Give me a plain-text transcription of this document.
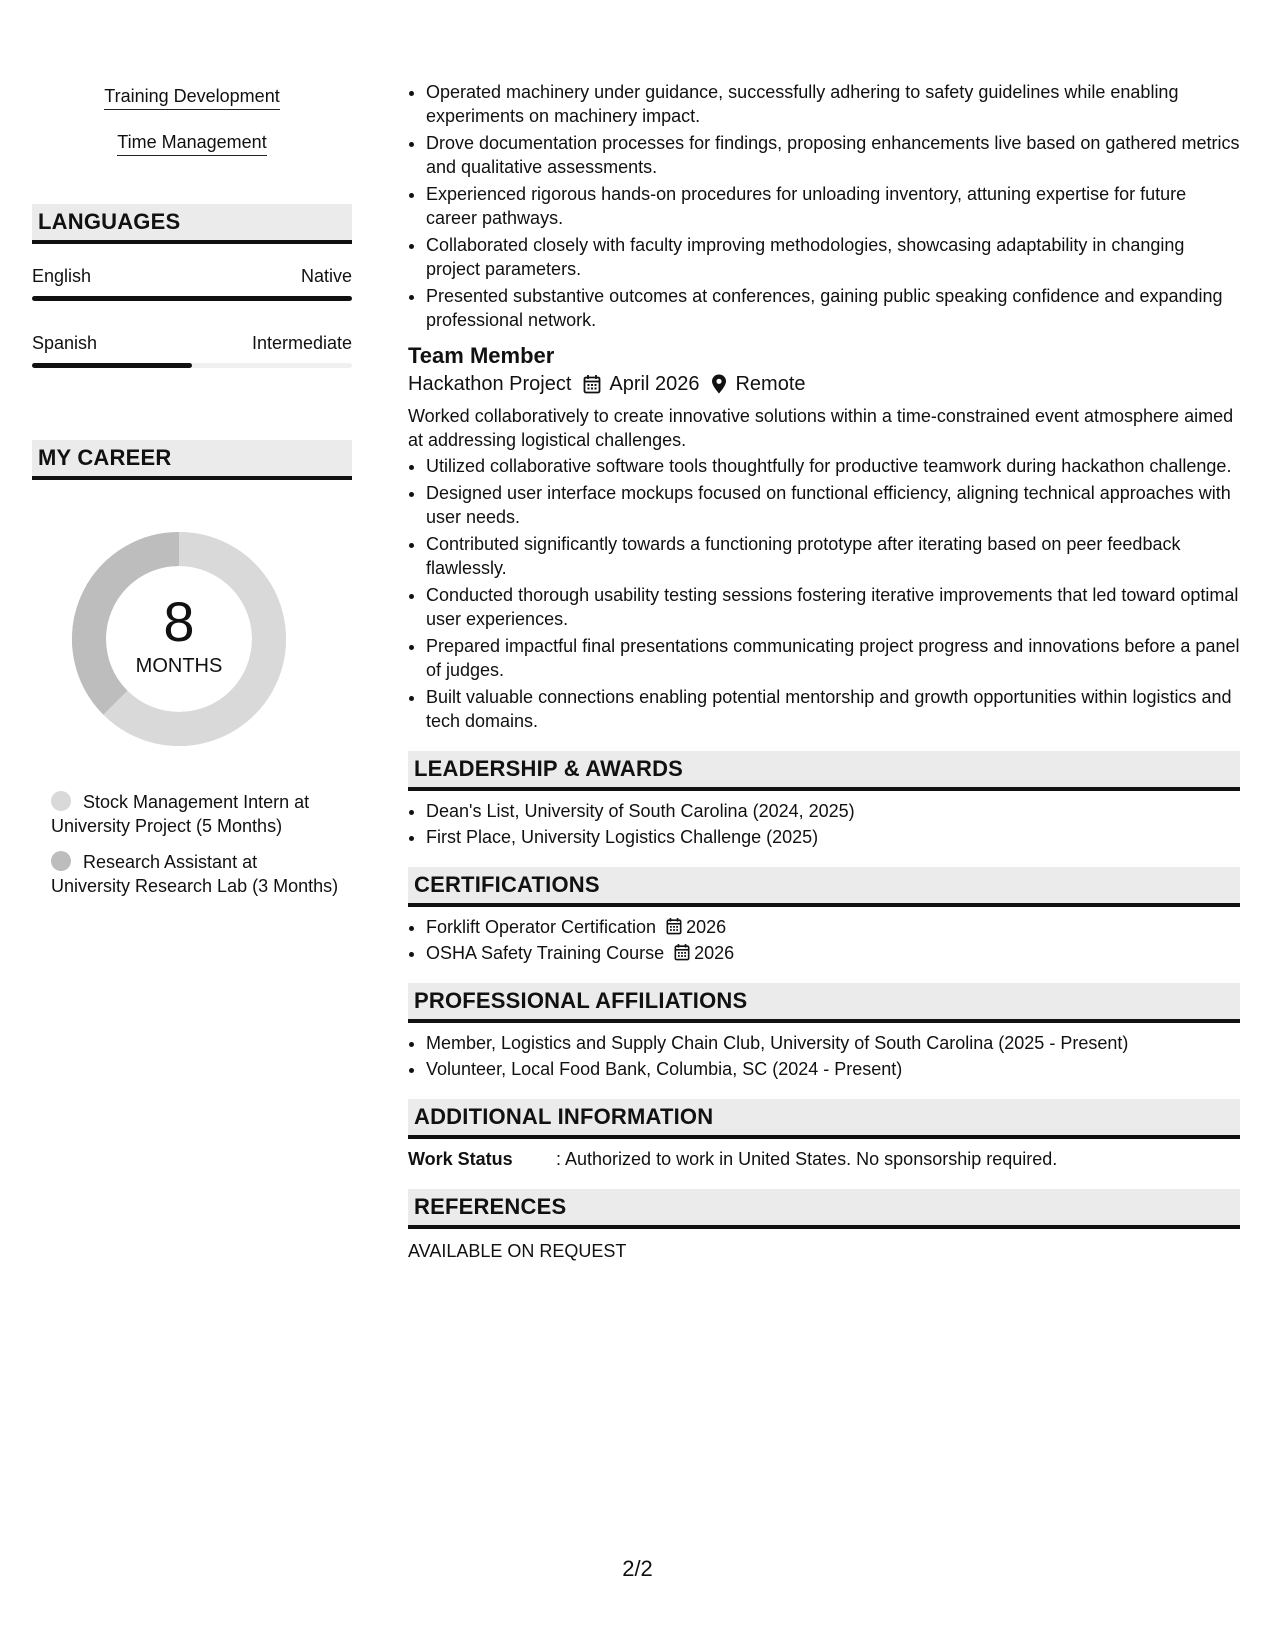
Training Development
Time Management
LANGUAGES
English	Native
Spanish	Intermediate
MY CAREER
8
MONTHS
Stock Management Intern at University Project (5 Months)
Research Assistant at University Research Lab (3 Months)
• Operated machinery under guidance, successfully adhering to safety guidelines while enabling experiments on machinery impact.
• Drove documentation processes for findings, proposing enhancements live based on gathered metrics and qualitative assessments.
• Experienced rigorous hands-on procedures for unloading inventory, attuning expertise for future career pathways.
• Collaborated closely with faculty improving methodologies, showcasing adaptability in changing project parameters.
• Presented substantive outcomes at conferences, gaining public speaking confidence and expanding professional network.
Team Member
Hackathon Project April 2026 Remote
Worked collaboratively to create innovative solutions within a time-constrained event atmosphere aimed at addressing logistical challenges.
• Utilized collaborative software tools thoughtfully for productive teamwork during hackathon challenge.
• Designed user interface mockups focused on functional efficiency, aligning technical approaches with user needs.
• Contributed significantly towards a functioning prototype after iterating based on peer feedback flawlessly.
• Conducted thorough usability testing sessions fostering iterative improvements that led toward optimal user experiences.
• Prepared impactful final presentations communicating project progress and innovations before a panel of judges.
• Built valuable connections enabling potential mentorship and growth opportunities within logistics and tech domains.
LEADERSHIP & AWARDS
• Dean's List, University of South Carolina (2024, 2025)
• First Place, University Logistics Challenge (2025)
CERTIFICATIONS
• Forklift Operator Certification 2026
• OSHA Safety Training Course 2026
PROFESSIONAL AFFILIATIONS
• Member, Logistics and Supply Chain Club, University of South Carolina (2025 - Present)
• Volunteer, Local Food Bank, Columbia, SC (2024 - Present)
ADDITIONAL INFORMATION
Work Status	: Authorized to work in United States. No sponsorship required.
REFERENCES
AVAILABLE ON REQUEST
2/2
